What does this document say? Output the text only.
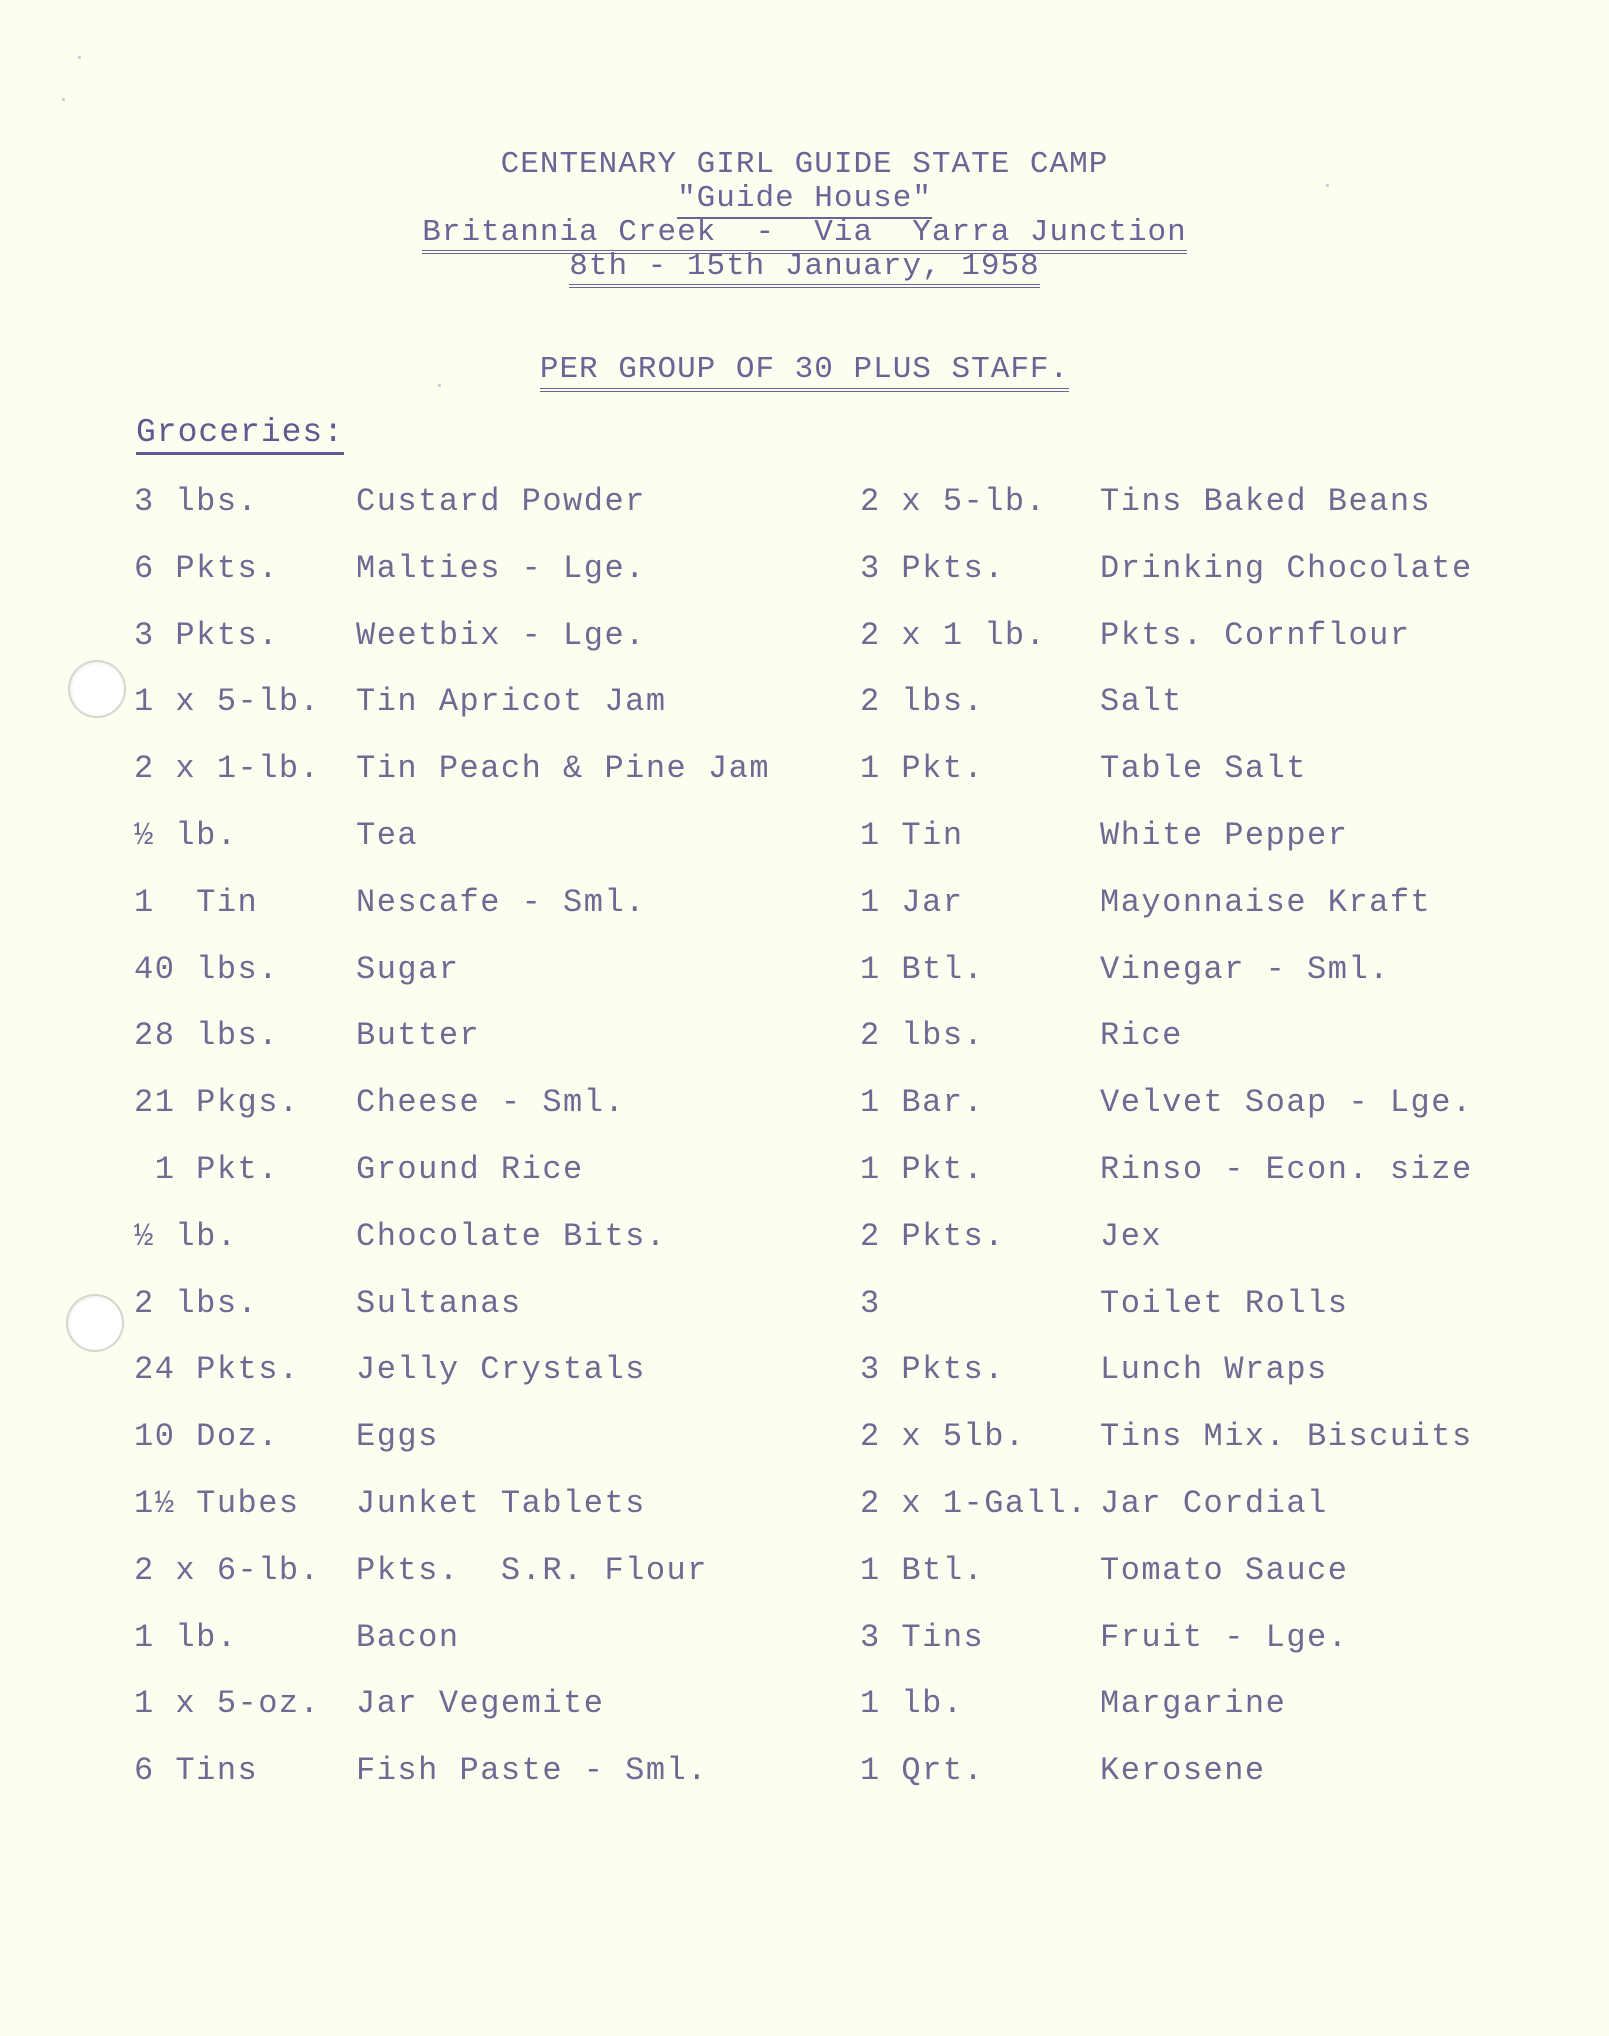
CENTENARY GIRL GUIDE STATE CAMP
"Guide House"
Britannia Creek  -  Via  Yarra Junction
8th - 15th January, 1958
PER GROUP OF 30 PLUS STAFF.
Groceries:
3 lbs.	Custard Powder	2 x 5-lb. Tins Baked Beans
6 Pkts. Malties - Lge.	3 Pkts.	Drinking Chocolate
3 Pkts. Weetbix - Lge.	2 x 1 lb. Pkts. Cornflour
1 x 5-lb. Tin Apricot Jam	2 lbs.	Salt
2 x 1-lb. Tin Peach & Pine Jam	1 Pkt.	Table Salt
½ lb.	Tea	1 Tin	White Pepper
1  Tin	Nescafe - Sml.	1 Jar	Mayonnaise Kraft
40 lbs. Sugar	1 Btl.	Vinegar - Sml.
28 lbs. Butter	2 lbs.	Rice
21 Pkgs. Cheese - Sml.	1 Bar.	Velvet Soap - Lge.
1 Pkt. Ground Rice	1 Pkt.	Rinso - Econ. size
½ lb.	Chocolate Bits.	2 Pkts.	Jex
2 lbs.	Sultanas	3	Toilet Rolls
24 Pkts. Jelly Crystals	3 Pkts.	Lunch Wraps
10 Doz. Eggs	2 x 5lb. Tins Mix. Biscuits
1½ Tubes Junket Tablets	2 x 1-Gall. Jar Cordial
2 x 6-lb. Pkts.  S.R. Flour	1 Btl.	Tomato Sauce
1 lb.	Bacon	3 Tins	Fruit - Lge.
1 x 5-oz. Jar Vegemite	1 lb.	Margarine
6 Tins	Fish Paste - Sml.	1 Qrt.	Kerosene
